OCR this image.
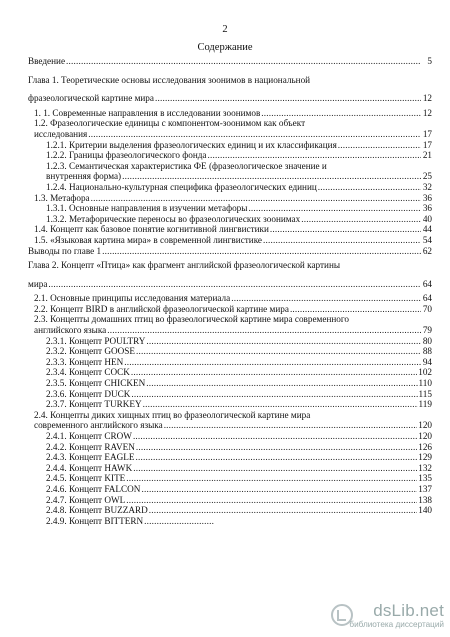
2
Содержание
Введение .....	5
Глава 1. Теоретические основы исследования зоонимов в национальной
фразеологической картине мира .....	12
1. 1. Современные направления в исследовании зоонимов .....	12
1.2. Фразеологические единицы с компонентом-зоонимом как объект
исследования .....	17
1.2.1. Критерии выделения фразеологических единиц и их классификация .....	17
1.2.2. Границы фразеологического фонда .....	21
1.2.3. Семантическая характеристика ФЕ (фразеологическое значение и
внутренняя форма) .....	25
1.2.4. Национально-культурная специфика фразеологических единиц .....	32
1.3. Метафора .....	36
1.3.1. Основные направления в изучении метафоры .....	36
1.3.2. Метафорические переносы во фразеологических зоонимах .....	40
1.4. Концепт как базовое понятие когнитивной лингвистики .....	44
1.5. «Языковая картина мира» в современной лингвистике .....	54
Выводы по главе 1 .....	62
Глава 2. Концепт «Птица» как фрагмент английской фразеологической картины
мира .....	64
2.1. Основные принципы исследования материала .....	64
2.2. Концепт BIRD в английской фразеологической картине мира .....	70
2.3. Концепты домашних птиц во фразеологической картине мира современного
английского языка .....	79
2.3.1. Концепт POULTRY .....	80
2.3.2. Концепт GOOSE .....	88
2.3.3. Концепт HEN .....	94
2.3.4. Концепт COCK .....	102
2.3.5. Концепт CHICKEN .....	110
2.3.6. Концепт DUCK .....	115
2.3.7. Концепт TURKEY .....	119
2.4. Концепты диких хищных птиц во фразеологической картине мира
современного английского языка .....	120
2.4.1. Концепт CROW .....	120
2.4.2. Концепт RAVEN .....	126
2.4.3. Концепт EAGLE .....	129
2.4.4. Концепт HAWK .....	132
2.4.5. Концепт KITE .....	135
2.4.6. Концепт FALCON .....	137
2.4.7. Концепт OWL .....	138
2.4.8. Концепт BUZZARD .....	140
2.4.9. Концепт BITTERN
.....
dsLib.net
библиотека диссертаций
